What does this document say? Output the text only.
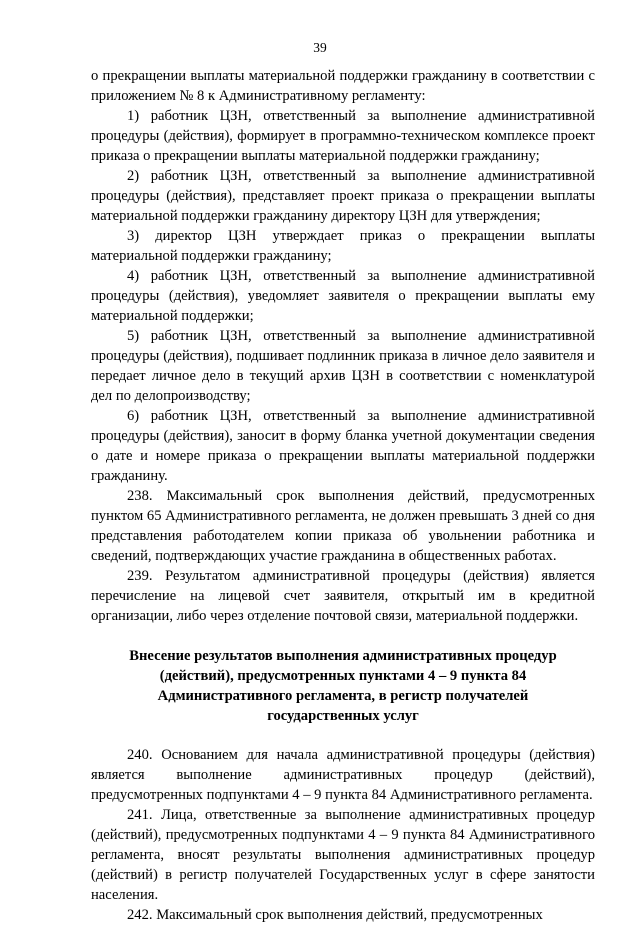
39

о прекращении выплаты материальной поддержки гражданину в соответствии с приложением № 8 к Административному регламенту:

1) работник ЦЗН, ответственный за выполнение административной процедуры (действия), формирует в программно-техническом комплексе проект приказа о прекращении выплаты материальной поддержки гражданину;

2) работник ЦЗН, ответственный за выполнение административной процедуры (действия), представляет проект приказа о прекращении выплаты материальной поддержки гражданину директору ЦЗН для утверждения;

3) директор ЦЗН утверждает приказ о прекращении выплаты материальной поддержки гражданину;

4) работник ЦЗН, ответственный за выполнение административной процедуры (действия), уведомляет заявителя о прекращении выплаты ему материальной поддержки;

5) работник ЦЗН, ответственный за выполнение административной процедуры (действия), подшивает подлинник приказа в личное дело заявителя и передает личное дело в текущий архив ЦЗН в соответствии с номенклатурой дел по делопроизводству;

6) работник ЦЗН, ответственный за выполнение административной процедуры (действия), заносит в форму бланка учетной документации сведения о дате и номере приказа о прекращении выплаты материальной поддержки гражданину.

238. Максимальный срок выполнения действий, предусмотренных пунктом 65 Административного регламента, не должен превышать 3 дней со дня представления работодателем копии приказа об увольнении работника и сведений, подтверждающих участие гражданина в общественных работах.

239. Результатом административной процедуры (действия) является перечисление на лицевой счет заявителя, открытый им в кредитной организации, либо через отделение почтовой связи, материальной поддержки.

Внесение результатов выполнения административных процедур (действий), предусмотренных пунктами 4 – 9 пункта 84 Административного регламента, в регистр получателей государственных услуг

240. Основанием для начала административной процедуры (действия) является выполнение административных процедур (действий), предусмотренных подпунктами 4 – 9 пункта 84 Административного регламента.

241. Лица, ответственные за выполнение административных процедур (действий), предусмотренных подпунктами 4 – 9 пункта 84 Административного регламента, вносят результаты выполнения административных процедур (действий) в регистр получателей Государственных услуг в сфере занятости населения.

242. Максимальный срок выполнения действий, предусмотренных
